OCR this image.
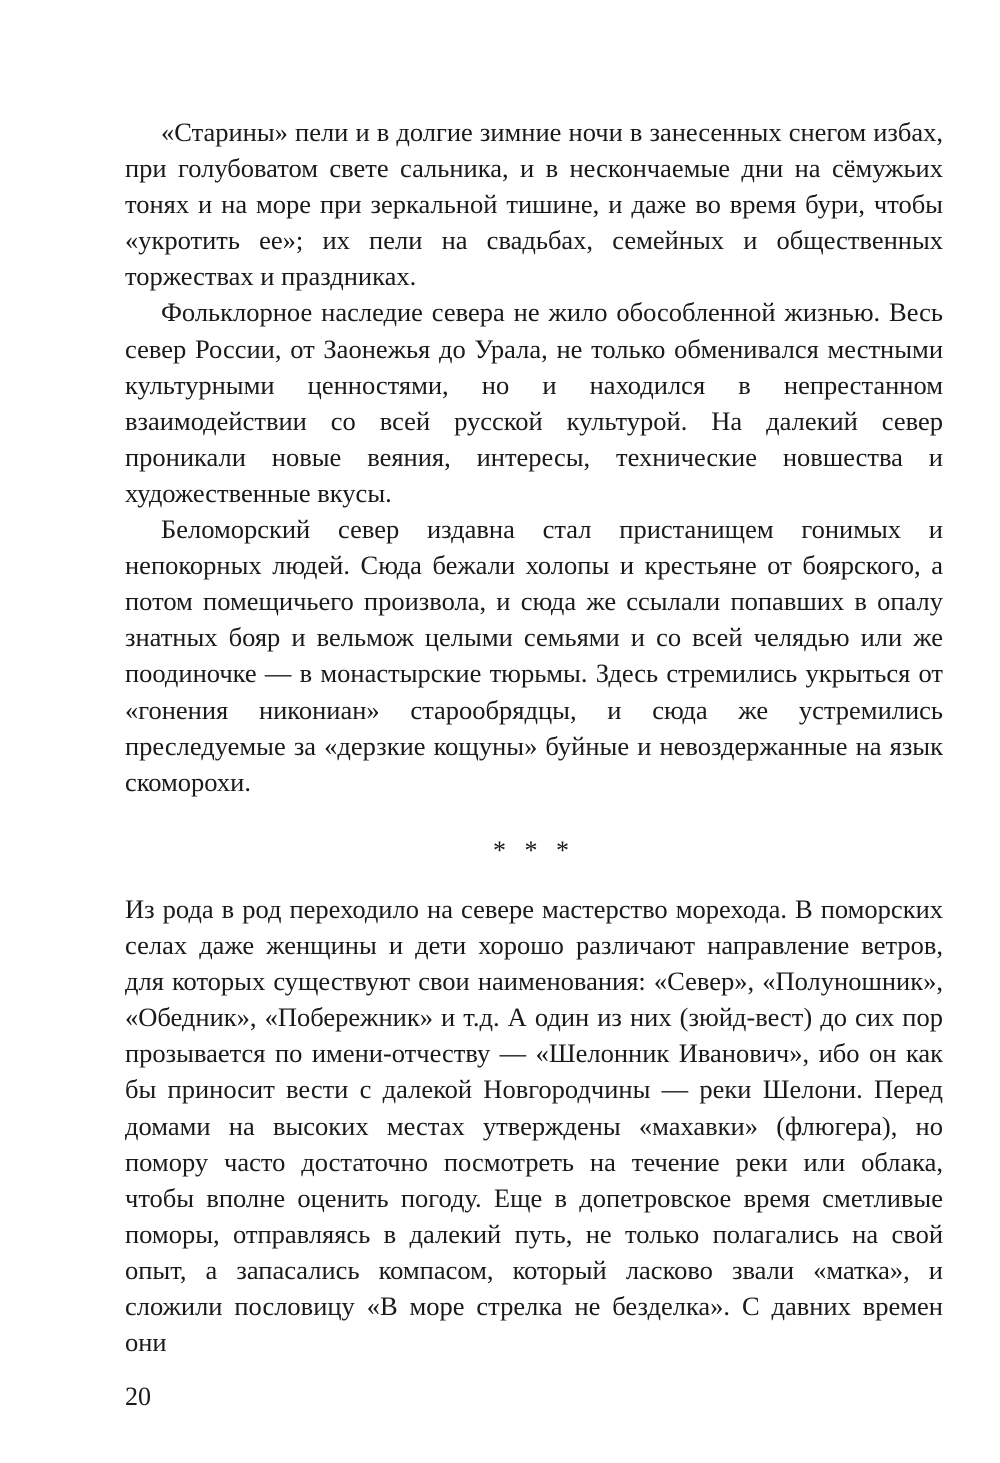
«Старины» пели и в долгие зимние ночи в занесенных снегом избах, при голубоватом свете сальника, и в нескончаемые дни на сёмужьих тонях и на море при зеркальной тишине, и даже во время бури, чтобы «укротить ее»; их пели на свадьбах, семейных и общественных торжествах и праздниках.

Фольклорное наследие севера не жило обособленной жизнью. Весь север России, от Заонежья до Урала, не только обменивался местными культурными ценностями, но и находился в непрестанном взаимодействии со всей русской культурой. На далекий север проникали новые веяния, интересы, технические новшества и художественные вкусы.

Беломорский север издавна стал пристанищем гонимых и непокорных людей. Сюда бежали холопы и крестьяне от боярского, а потом помещичьего произвола, и сюда же ссылали попавших в опалу знатных бояр и вельмож целыми семьями и со всей челядью или же поодиночке — в монастырские тюрьмы. Здесь стремились укрыться от «гонения никониан» старообрядцы, и сюда же устремились преследуемые за «дерзкие кощуны» буйные и невоздержанные на язык скоморохи.

* * *

Из рода в род переходило на севере мастерство морехода. В поморских селах даже женщины и дети хорошо различают направление ветров, для которых существуют свои наименования: «Север», «Полуношник», «Обедник», «Побережник» и т.д. А один из них (зюйд-вест) до сих пор прозывается по имени-отчеству — «Шелонник Иванович», ибо он как бы приносит вести с далекой Новгородчины — реки Шелони. Перед домами на высоких местах утверждены «махавки» (флюгера), но помору часто достаточно посмотреть на течение реки или облака, чтобы вполне оценить погоду. Еще в допетровское время сметливые поморы, отправляясь в далекий путь, не только полагались на свой опыт, а запасались компасом, который ласково звали «матка», и сложили пословицу «В море стрелка не безделка». С давних времен они

20
